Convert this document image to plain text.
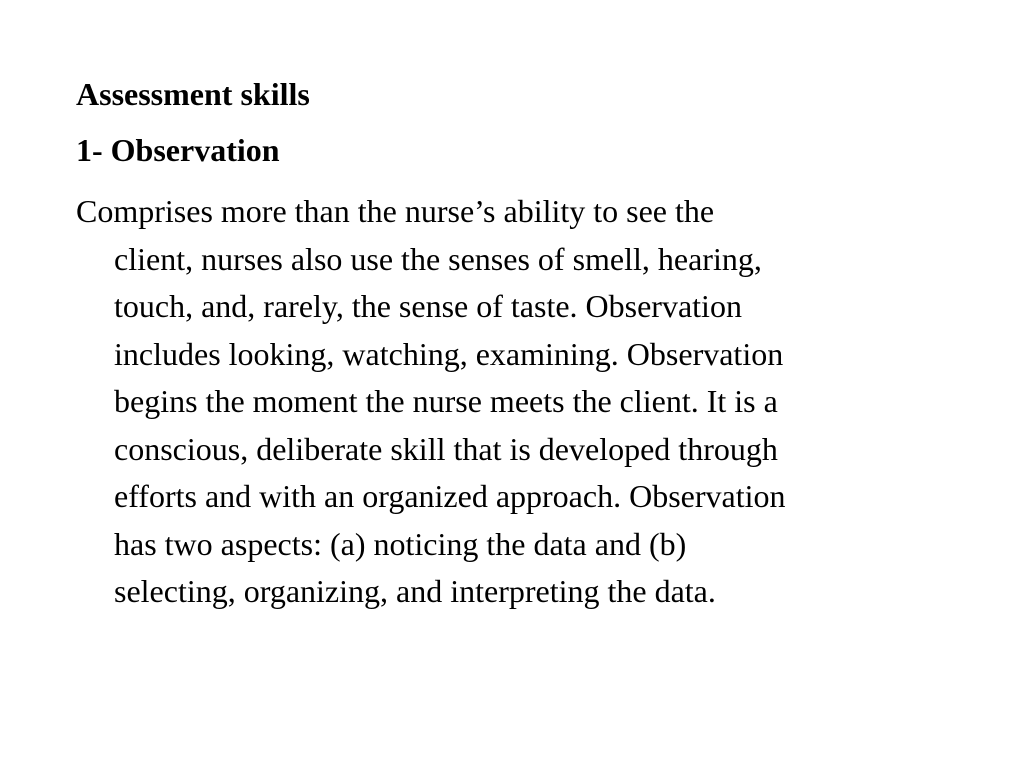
Assessment skills
1- Observation
Comprises more than the nurse’s ability to see the
client, nurses also use the senses of smell, hearing,
touch, and, rarely, the sense of taste. Observation
includes looking, watching, examining. Observation
begins the moment the nurse meets the client. It is a
conscious, deliberate skill that is developed through
efforts and with an organized approach. Observation
has two aspects: (a) noticing the data and (b)
selecting, organizing, and interpreting the data.
